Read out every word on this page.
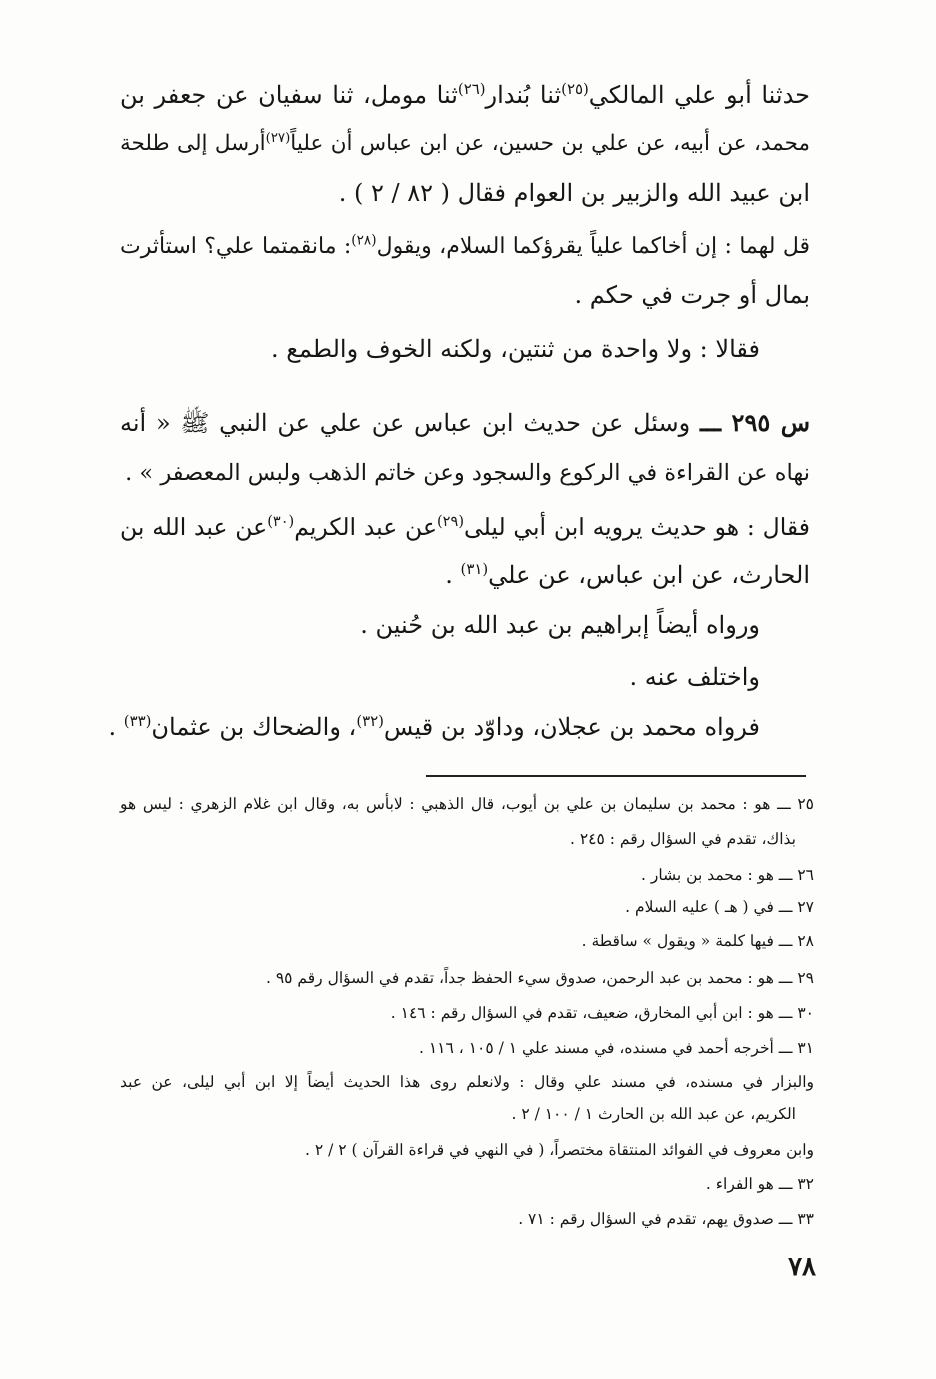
حدثنا أبو علي المالكي$^{(٢٥)}$ثنا بُندار$^{(٢٦)}$ثنا مومل، ثنا سفيان عن جعفر بن
محمد، عن أبيه، عن علي بن حسين، عن ابن عباس أن علياً$^{(٢٧)}$أرسل إلى طلحة
ابن عبيد الله والزبير بن العوام فقال ( ٨٢ / ٢ ) .
قل لهما : إن أخاكما علياً يقرؤكما السلام، ويقول$^{(٢٨)}$: مانقمتما علي؟ استأثرت
بمال أو جرت في حكم .
فقالا : ولا واحدة من ثنتين، ولكنه الخوف والطمع .
س ٢٩٥ ـــ وسئل عن حديث ابن عباس عن علي عن النبي ﷺ « أنه
نهاه عن القراءة في الركوع والسجود وعن خاتم الذهب ولبس المعصفر » .
فقال : هو حديث يرويه ابن أبي ليلى$^{(٢٩)}$عن عبد الكريم$^{(٣٠)}$عن عبد الله بن
الحارث، عن ابن عباس، عن علي$^{(٣١)}$ .
ورواه أيضاً إبراهيم بن عبد الله بن حُنين .
واختلف عنه .
فرواه محمد بن عجلان، وداوّد بن قيس$^{(٣٢)}$، والضحاك بن عثمان$^{(٣٣)}$ .
٢٥ ـــ هو : محمد بن سليمان بن علي بن أيوب، قال الذهبي : لابأس به، وقال ابن غلام الزهري : ليس هو
بذاك، تقدم في السؤال رقم : ٢٤٥ .
٢٦ ـــ هو : محمد بن بشار .
٢٧ ـــ في ( هـ ) عليه السلام .
٢٨ ـــ فيها كلمة « ويقول » ساقطة .
٢٩ ـــ هو : محمد بن عبد الرحمن، صدوق سيء الحفظ جداً، تقدم في السؤال رقم ٩٥ .
٣٠ ـــ هو : ابن أبي المخارق، ضعيف، تقدم في السؤال رقم : ١٤٦ .
٣١ ـــ أخرجه أحمد في مسنده، في مسند علي ١ / ١٠٥ ، ١١٦ .
والبزار في مسنده، في مسند علي وقال : ولانعلم روى هذا الحديث أيضاً إلا ابن أبي ليلى، عن عبد
الكريم، عن عبد الله بن الحارث ١ / ١٠٠ / ٢ .
وابن معروف في الفوائد المنتقاة مختصراً، ( في النهي في قراءة القرآن ) ٢ / ٢ .
٣٢ ـــ هو الفراء .
٣٣ ـــ صدوق يهم، تقدم في السؤال رقم : ٧١ .
٧٨
